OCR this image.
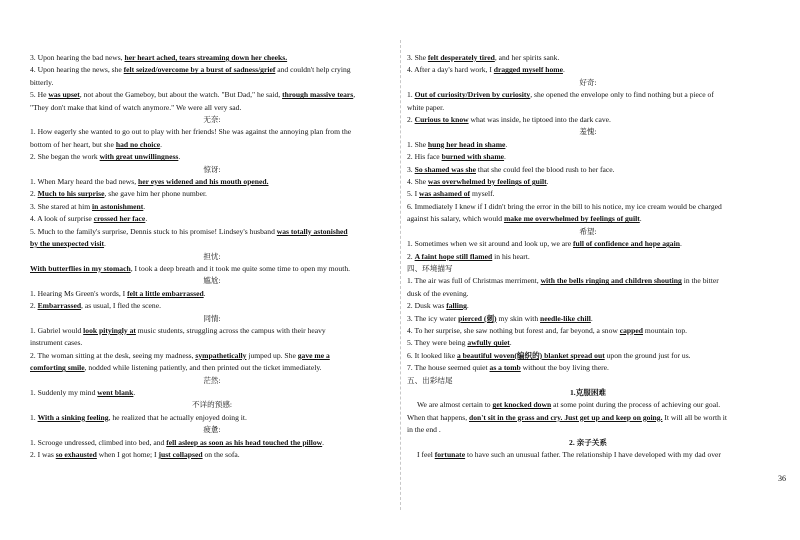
3. Upon hearing the bad news, her heart ached, tears streaming down her cheeks.
4. Upon hearing the news, she felt seized/overcome by a burst of sadness/grief and couldn't help crying
bitterly.
5. He was upset, not about the Gameboy, but about the watch. "But Dad," he said, through massive tears,
"They don't make that kind of watch anymore." We were all very sad.
无奈:
1. How eagerly she wanted to go out to play with her friends! She was against the annoying plan from the
bottom of her heart, but she had no choice.
2. She began the work with great unwillingness.
惊讶:
1. When Mary heard the bad news, her eyes widened and his mouth opened.
2. Much to his surprise, she gave him her phone number.
3. She stared at him in astonishment.
4. A look of surprise crossed her face.
5. Much to the family's surprise, Dennis stuck to his promise! Lindsey's husband was totally astonished
by the unexpected visit.
担忧:
With butterflies in my stomach, I took a deep breath and it took me quite some time to open my mouth.
尴尬:
1. Hearing Ms Green's words, I felt a little embarrassed.
2. Embarrassed, as usual, I fled the scene.
同情:
1. Gabriel would look pityingly at music students, struggling across the campus with their heavy
instrument cases.
2. The woman sitting at the desk, seeing my madness, sympathetically jumped up. She gave me a
comforting smile, nodded while listening patiently, and then printed out the ticket immediately.
茫然:
1. Suddenly my mind went blank.
不详的预感:
1. With a sinking feeling, he realized that he actually enjoyed doing it.
疲惫:
1. Scrooge undressed, climbed into bed, and fell asleep as soon as his head touched the pillow.
2. I was so exhausted when I got home; I just collapsed on the sofa.
3. She felt desperately tired, and her spirits sank.
4. After a day's hard work, I dragged myself home.
好奇:
1. Out of curiosity/Driven by curiosity, she opened the envelope only to find nothing but a piece of
white paper.
2. Curious to know what was inside, he tiptoed into the dark cave.
羞愧:
1. She hung her head in shame.
2. His face burned with shame.
3. So shamed was she that she could feel the blood rush to her face.
4. She was overwhelmed by feelings of guilt.
5. I was ashamed of myself.
6. Immediately I knew if I didn't bring the error in the bill to his notice, my ice cream would be charged
against his salary, which would make me overwhelmed by feelings of guilt.
希望:
1. Sometimes when we sit around and look up, we are full of confidence and hope again.
2. A faint hope still flamed in his heart.
四、环境描写
1. The air was full of Christmas merriment, with the bells ringing and children shouting in the bitter
dusk of the evening.
2. Dusk was falling.
3. The icy water pierced (刺) my skin with needle-like chill.
4. To her surprise, she saw nothing but forest and, far beyond, a snow capped mountain top.
5. They were being awfully quiet.
6. It looked like a beautiful woven(编织的) blanket spread out upon the ground just for us.
7. The house seemed quiet as a tomb without the boy living there.
五、出彩结尾
1.克服困难
We are almost certain to get knocked down at some point during the process of achieving our goal.
When that happens, don't sit in the grass and cry. Just get up and keep on going. It will all be worth it
in the end .
2. 亲子关系
I feel fortunate to have such an unusual father. The relationship I have developed with my dad over
36
